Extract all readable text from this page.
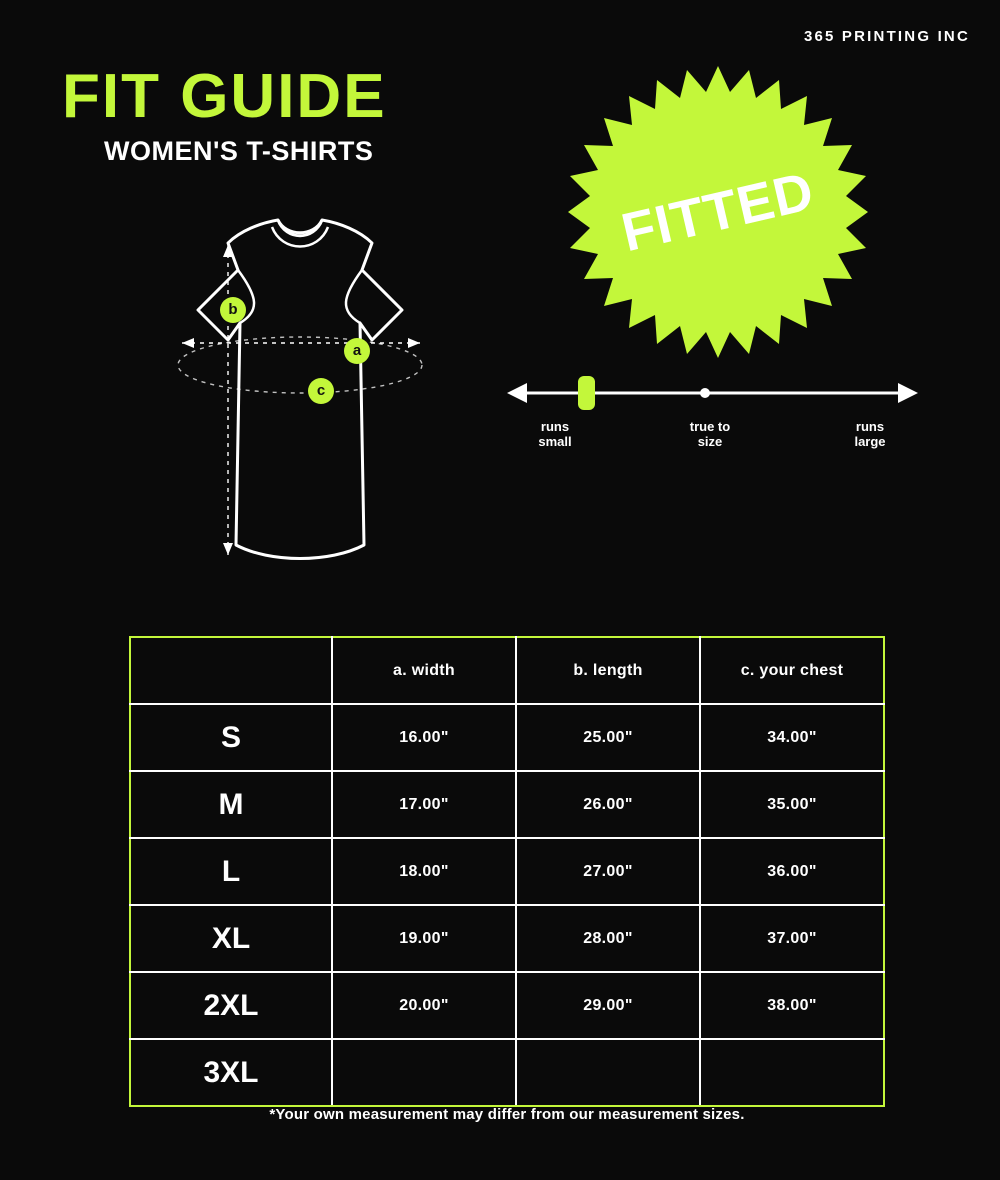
365 PRINTING INC
FIT GUIDE
WOMEN'S T-SHIRTS
b
a
c
FITTED
runs
small
true to
size
runs
large
	a. width	b. length	c. your chest
S	16.00"	25.00"	34.00"
M	17.00"	26.00"	35.00"
L	18.00"	27.00"	36.00"
XL	19.00"	28.00"	37.00"
2XL	20.00"	29.00"	38.00"
3XL			
*Your own measurement may differ from our measurement sizes.
